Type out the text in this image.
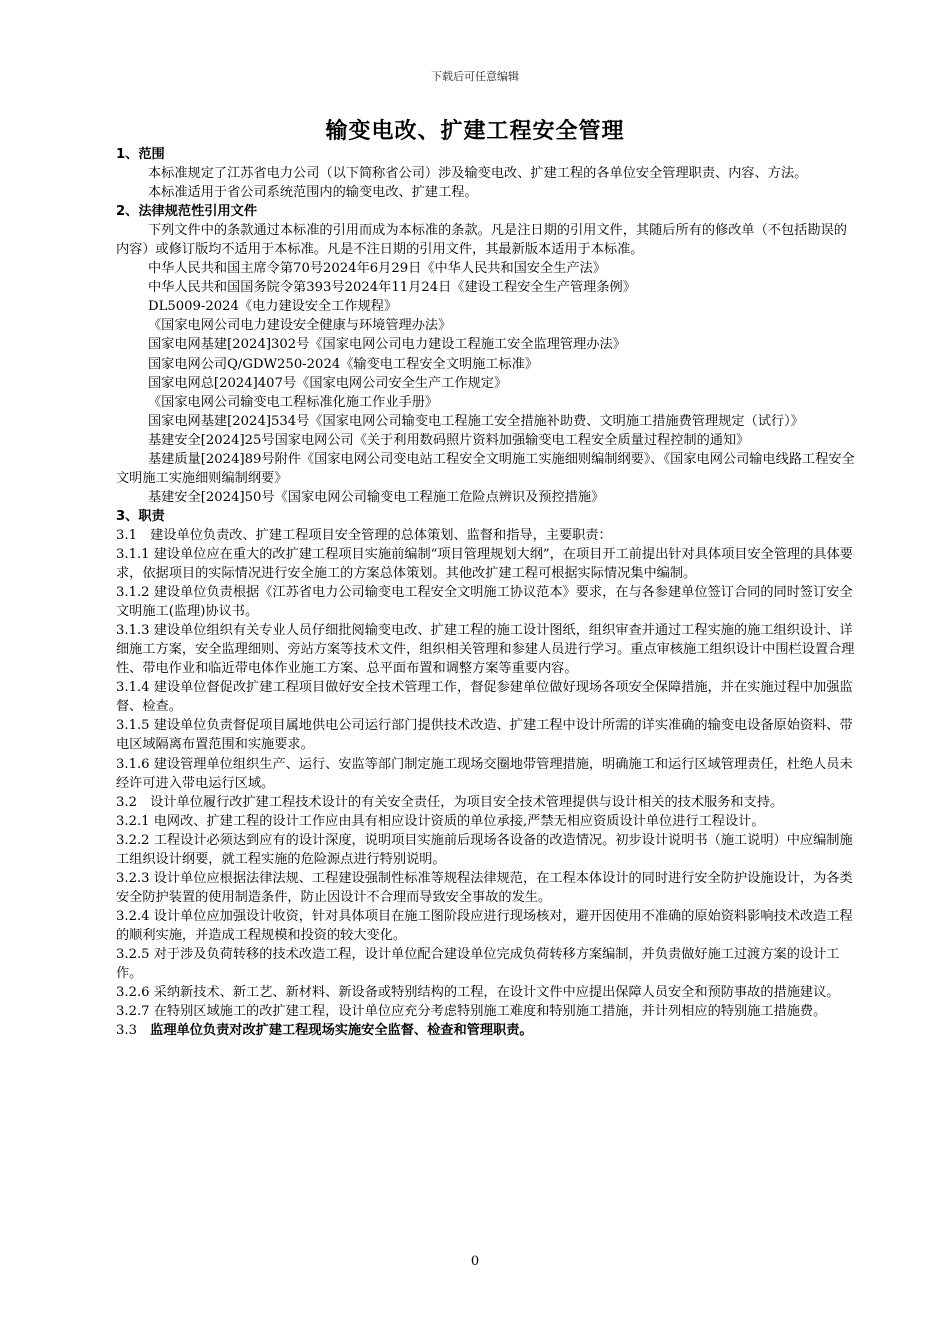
下载后可任意编辑
输变电改、扩建工程安全管理

1、范围

本标准规定了江苏省电力公司（以下简称省公司）涉及输变电改、扩建工程的各单位安全管理职责、内容、方法。

本标准适用于省公司系统范围内的输变电改、扩建工程。

2、法律规范性引用文件

下列文件中的条款通过本标准的引用而成为本标准的条款。凡是注日期的引用文件，其随后所有的修改单（不包括勘误的内容）或修订版均不适用于本标准。凡是不注日期的引用文件，其最新版本适用于本标准。

中华人民共和国主席令第70号2024年6月29日《中华人民共和国安全生产法》

中华人民共和国国务院令第393号2024年11月24日《建设工程安全生产管理条例》

DL5009-2024《电力建设安全工作规程》

《国家电网公司电力建设安全健康与环境管理办法》

国家电网基建[2024]302号《国家电网公司电力建设工程施工安全监理管理办法》

国家电网公司Q/GDW250-2024《输变电工程安全文明施工标准》

国家电网总[2024]407号《国家电网公司安全生产工作规定》

《国家电网公司输变电工程标准化施工作业手册》

国家电网基建[2024]534号《国家电网公司输变电工程施工安全措施补助费、文明施工措施费管理规定（试行）》

基建安全[2024]25号国家电网公司《关于利用数码照片资料加强输变电工程安全质量过程控制的通知》

基建质量[2024]89号附件《国家电网公司变电站工程安全文明施工实施细则编制纲要》、《国家电网公司输电线路工程安全文明施工实施细则编制纲要》

基建安全[2024]50号《国家电网公司输变电工程施工危险点辨识及预控措施》

3、职责

3.1　建设单位负责改、扩建工程项目安全管理的总体策划、监督和指导，主要职责：

3.1.1 建设单位应在重大的改扩建工程项目实施前编制“项目管理规划大纲”，在项目开工前提出针对具体项目安全管理的具体要求，依据项目的实际情况进行安全施工的方案总体策划。其他改扩建工程可根据实际情况集中编制。

3.1.2 建设单位负责根据《江苏省电力公司输变电工程安全文明施工协议范本》要求，在与各参建单位签订合同的同时签订安全文明施工(监理)协议书。

3.1.3 建设单位组织有关专业人员仔细批阅输变电改、扩建工程的施工设计图纸，组织审查并通过工程实施的施工组织设计、详细施工方案，安全监理细则、旁站方案等技术文件，组织相关管理和参建人员进行学习。重点审核施工组织设计中围栏设置合理性、带电作业和临近带电体作业施工方案、总平面布置和调整方案等重要内容。

3.1.4 建设单位督促改扩建工程项目做好安全技术管理工作，督促参建单位做好现场各项安全保障措施，并在实施过程中加强监督、检查。

3.1.5 建设单位负责督促项目属地供电公司运行部门提供技术改造、扩建工程中设计所需的详实准确的输变电设备原始资料、带电区域隔离布置范围和实施要求。

3.1.6 建设管理单位组织生产、运行、安监等部门制定施工现场交圈地带管理措施，明确施工和运行区域管理责任，杜绝人员未经许可进入带电运行区域。

3.2　设计单位履行改扩建工程技术设计的有关安全责任，为项目安全技术管理提供与设计相关的技术服务和支持。

3.2.1 电网改、扩建工程的设计工作应由具有相应设计资质的单位承接,严禁无相应资质设计单位进行工程设计。

3.2.2 工程设计必须达到应有的设计深度，说明项目实施前后现场各设备的改造情况。初步设计说明书（施工说明）中应编制施工组织设计纲要，就工程实施的危险源点进行特别说明。

3.2.3 设计单位应根据法律法规、工程建设强制性标准等规程法律规范，在工程本体设计的同时进行安全防护设施设计，为各类安全防护装置的使用制造条件，防止因设计不合理而导致安全事故的发生。

3.2.4 设计单位应加强设计收资，针对具体项目在施工图阶段应进行现场核对，避开因使用不准确的原始资料影响技术改造工程的顺利实施，并造成工程规模和投资的较大变化。

3.2.5 对于涉及负荷转移的技术改造工程，设计单位配合建设单位完成负荷转移方案编制，并负责做好施工过渡方案的设计工作。

3.2.6 采纳新技术、新工艺、新材料、新设备或特别结构的工程，在设计文件中应提出保障人员安全和预防事故的措施建议。

3.2.7 在特别区域施工的改扩建工程，设计单位应充分考虑特别施工难度和特别施工措施，并计列相应的特别施工措施费。

3.3　 监理单位负责对改扩建工程现场实施安全监督、检查和管理职责。

0
